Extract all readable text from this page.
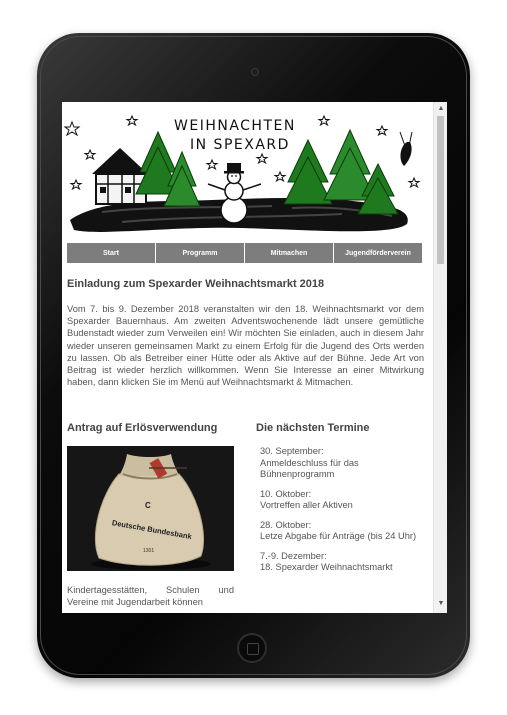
WEIHNACHTEN
IN SPEXARD
Start	Programm	Mitmachen	Jugendförderverein
Einladung zum Spexarder Weihnachtsmarkt 2018

Vom 7. bis 9. Dezember 2018 veranstalten wir den 18. Weihnachtsmarkt vor dem Spexarder Bauernhaus. Am zweiten Adventswochenende lädt unsere gemütliche Budenstadt wieder zum Verweilen ein! Wir möchten Sie einladen, auch in diesem Jahr wieder unseren gemeinsamen Markt zu einem Erfolg für die Jugend des Orts werden zu lassen. Ob als Betreiber einer Hütte oder als Aktive auf der Bühne. Jede Art von Beitrag ist wieder herzlich willkommen. Wenn Sie Interesse an einer Mitwirkung haben, dann klicken Sie im Menü auf Weihnachtsmarkt & Mitmachen.

Antrag auf Erlösverwendung	Die nächsten Termine
C
Deutsche Bundesbank
1301

Kindertagesstätten, Schulen und Vereine mit Jugendarbeit können

30. September:
Anmeldeschluss für das Bühnenprogramm
10. Oktober:
Vortreffen aller Aktiven
28. Oktober:
Letze Abgabe für Anträge (bis 24 Uhr)
7.-9. Dezember:
18. Spexarder Weihnachtsmarkt
▲
▼
